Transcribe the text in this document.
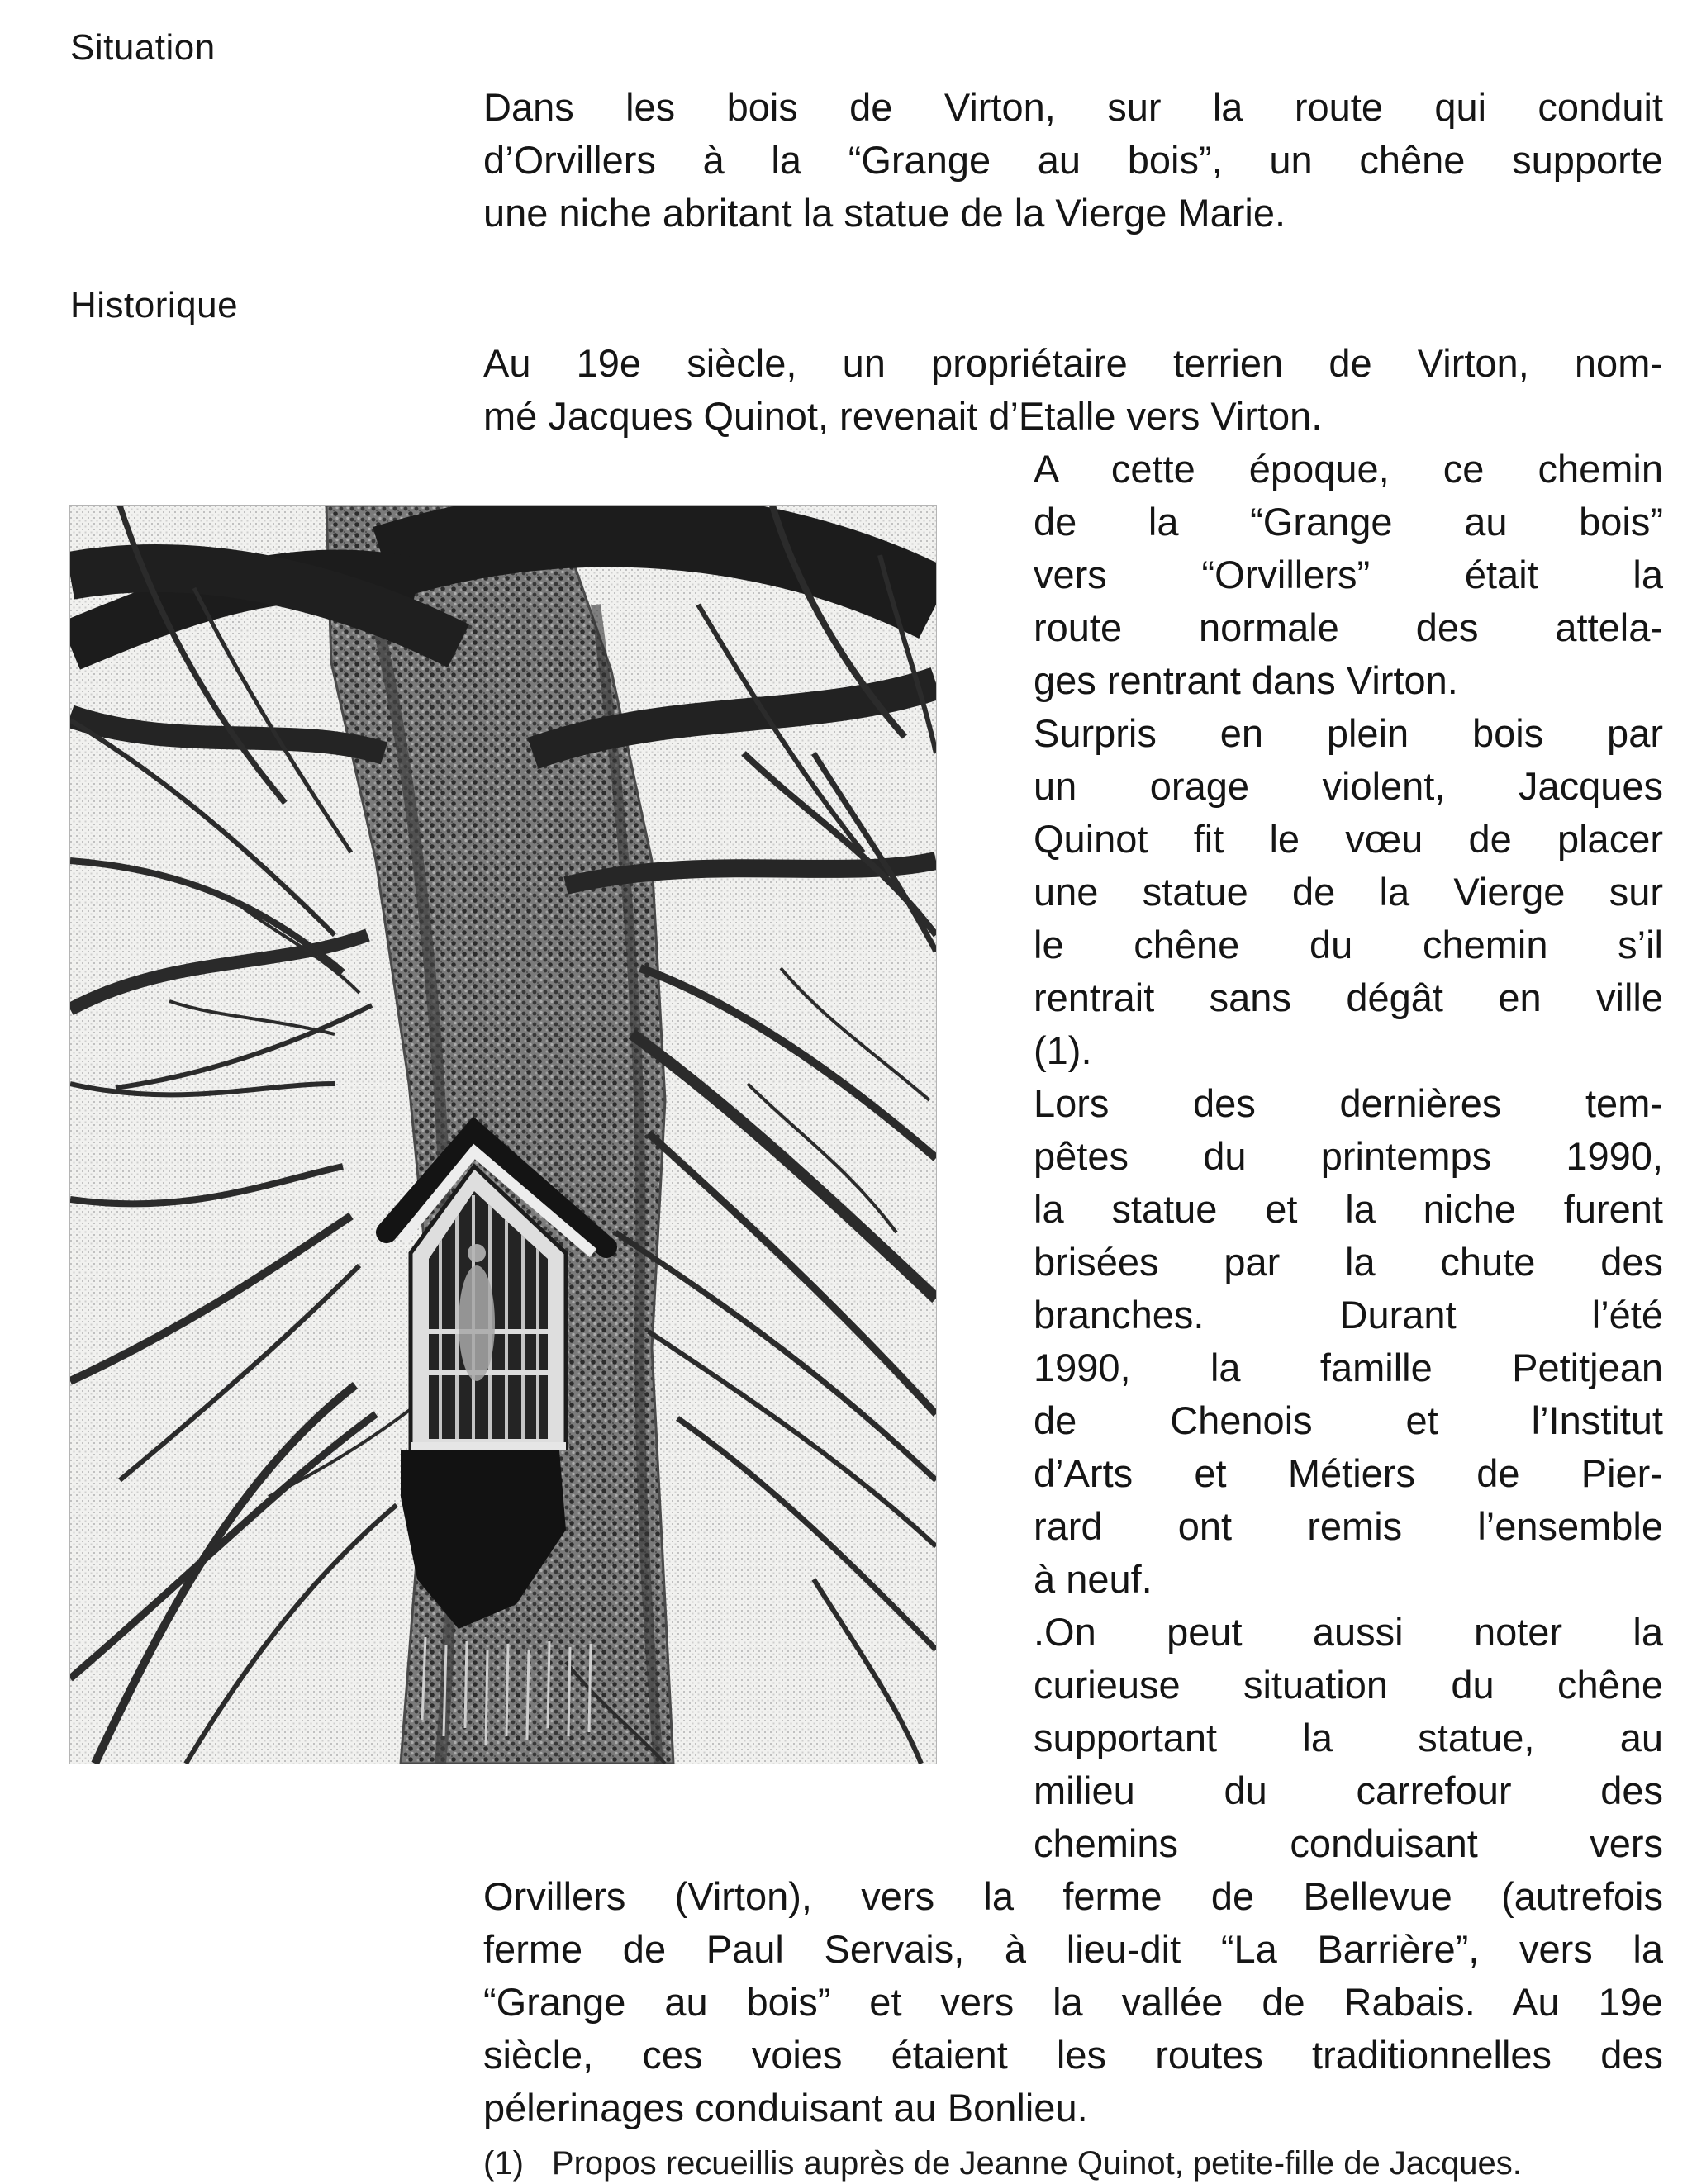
Situation
Dans les bois de Virton, sur la route qui conduit
d’Orvillers à la “Grange au bois”, un chêne supporte
une niche abritant la statue de la Vierge Marie.
Historique
Au 19e siècle, un propriétaire terrien de Virton, nom-
mé Jacques Quinot, revenait d’Etalle vers Virton.
A cette époque, ce chemin
de la “Grange au bois”
vers “Orvillers” était la
route normale des attela-
ges rentrant dans Virton.
Surpris en plein bois par
un orage violent, Jacques
Quinot fit le vœu de placer
une statue de la Vierge sur
le chêne du chemin s’il
rentrait sans dégât en ville
(1).
Lors des dernières tem-
pêtes du printemps 1990,
la statue et la niche furent
brisées par la chute des
branches. Durant l’été
1990, la famille Petitjean
de Chenois et l’Institut
d’Arts et Métiers de Pier-
rard ont remis l’ensemble
à neuf.
.On peut aussi noter la
curieuse situation du chêne
supportant la statue, au
milieu du carrefour des
chemins conduisant vers
Orvillers (Virton), vers la ferme de Bellevue (autrefois
ferme de Paul Servais, à lieu-dit “La Barrière”, vers la
“Grange au bois” et vers la vallée de Rabais. Au 19e
siècle, ces voies étaient les routes traditionnelles des
pélerinages conduisant au Bonlieu.
(1) Propos recueillis auprès de Jeanne Quinot, petite-fille de Jacques.
